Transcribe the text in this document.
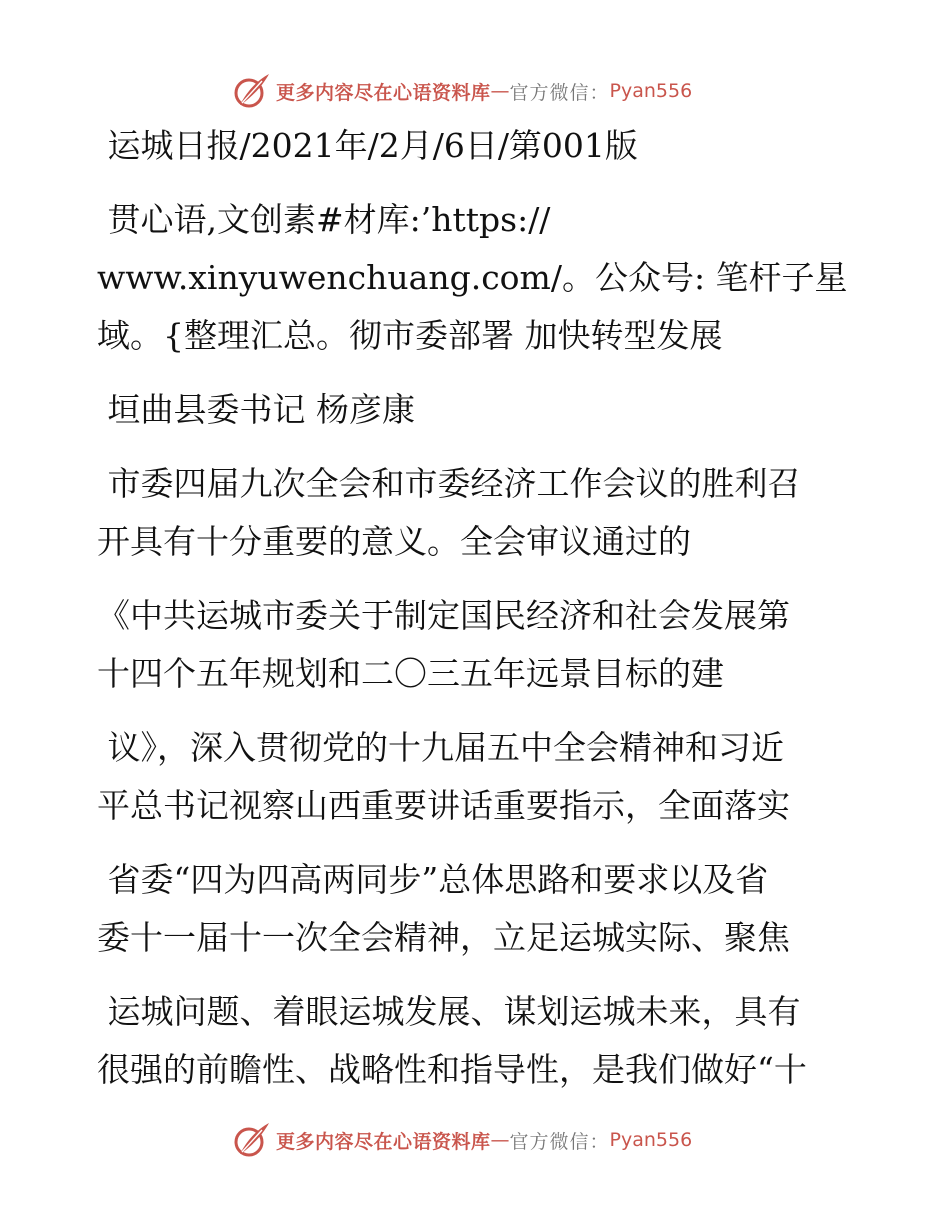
更多内容尽在心语资料库 — 官方微信： Pyan556
运城日报/2021年/2月/6日/第001版
贯心语,文创素#材库:’https://
www.xinyuwenchuang.com/。公众号: 笔杆子星
域。{整理汇总。彻市委部署 加快转型发展
垣曲县委书记 杨彦康
市委四届九次全会和市委经济工作会议的胜利召
开具有十分重要的意义。全会审议通过的
《中共运城市委关于制定国民经济和社会发展第
十四个五年规划和二〇三五年远景目标的建
议》，深入贯彻党的十九届五中全会精神和习近
平总书记视察山西重要讲话重要指示，全面落实
省委“四为四高两同步”总体思路和要求以及省
委十一届十一次全会精神，立足运城实际、聚焦
运城问题、着眼运城发展、谋划运城未来，具有
很强的前瞻性、战略性和指导性，是我们做好“十
更多内容尽在心语资料库 — 官方微信： Pyan556
